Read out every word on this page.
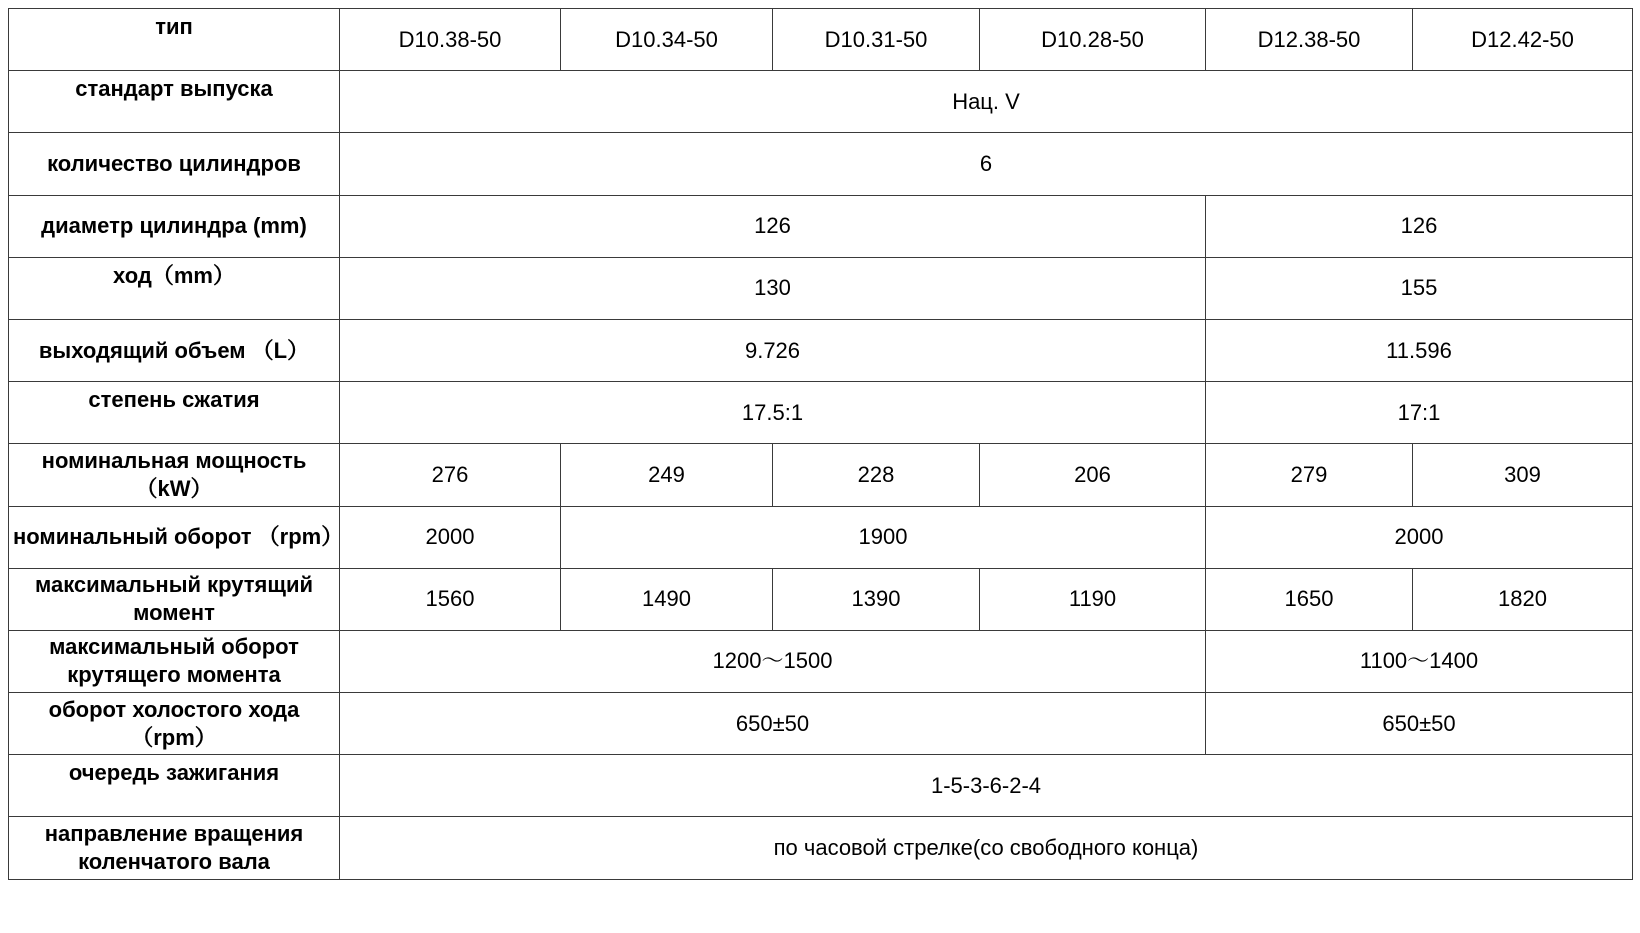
тип	D10.38-50	D10.34-50	D10.31-50	D10.28-50	D12.38-50	D12.42-50
стандарт выпуска	Нац. V					
количество цилиндров	6					
диаметр цилиндра (mm)	126				126	
ход（mm）	130				155	
выходящий объем （L）	9.726				11.596	
степень сжатия	17.5:1				17:1	
номинальная мощность（kW）	276	249	228	206	279	309
номинальный оборот （rpm）	2000	1900			2000	
максимальный крутящий момент	1560	1490	1390	1190	1650	1820
максимальный оборот крутящего момента	1200～1500				1100～1400	
оборот холостого хода （rpm）	650±50				650±50	
очередь зажигания	1-5-3-6-2-4					
направление вращения коленчатого вала	по часовой стрелке(со свободного конца)					
